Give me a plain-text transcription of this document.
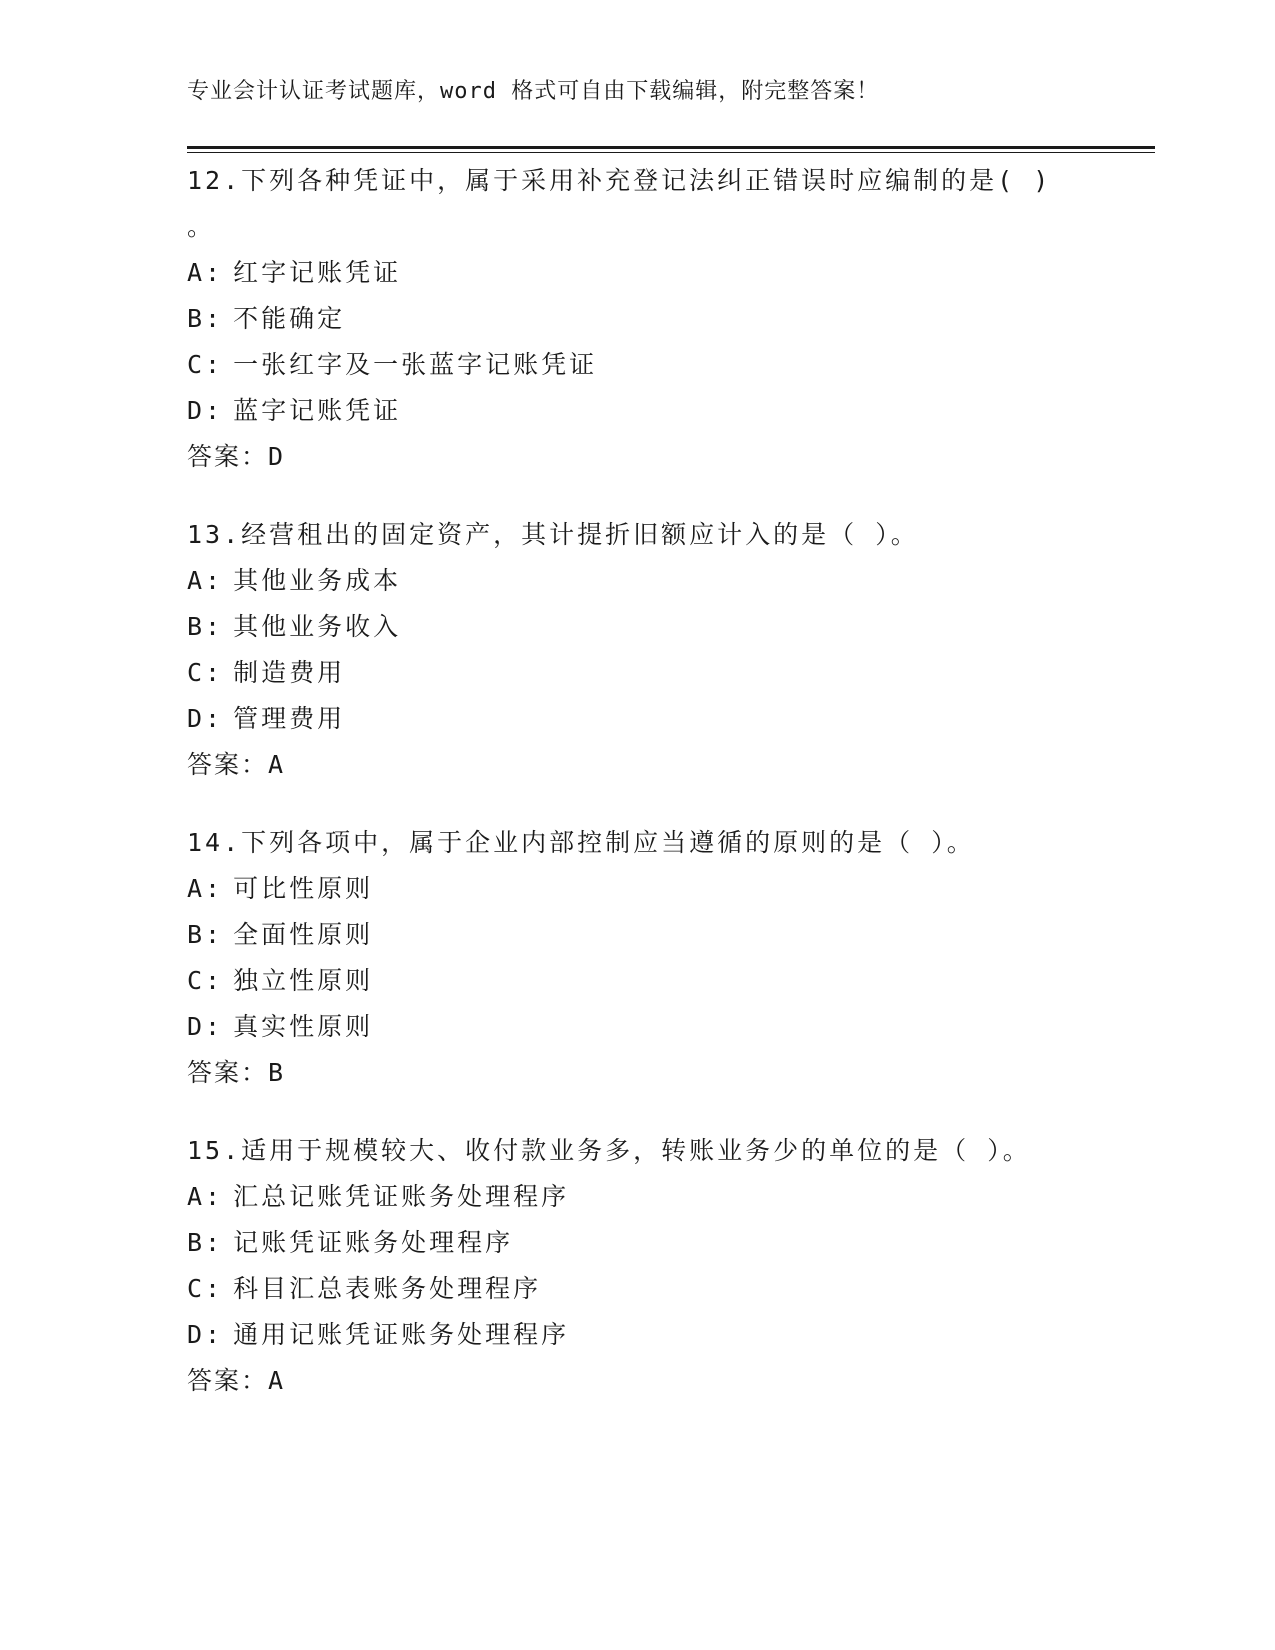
专业会计认证考试题库，word 格式可自由下载编辑，附完整答案！
12.下列各种凭证中，属于采用补充登记法纠正错误时应编制的是( )
。
A: 红字记账凭证
B: 不能确定
C: 一张红字及一张蓝字记账凭证
D: 蓝字记账凭证
答案：D
13.经营租出的固定资产，其计提折旧额应计入的是（ ）。
A: 其他业务成本
B: 其他业务收入
C: 制造费用
D: 管理费用
答案：A
14.下列各项中，属于企业内部控制应当遵循的原则的是（ ）。
A: 可比性原则
B: 全面性原则
C: 独立性原则
D: 真实性原则
答案：B
15.适用于规模较大、收付款业务多，转账业务少的单位的是（ ）。
A: 汇总记账凭证账务处理程序
B: 记账凭证账务处理程序
C: 科目汇总表账务处理程序
D: 通用记账凭证账务处理程序
答案：A
